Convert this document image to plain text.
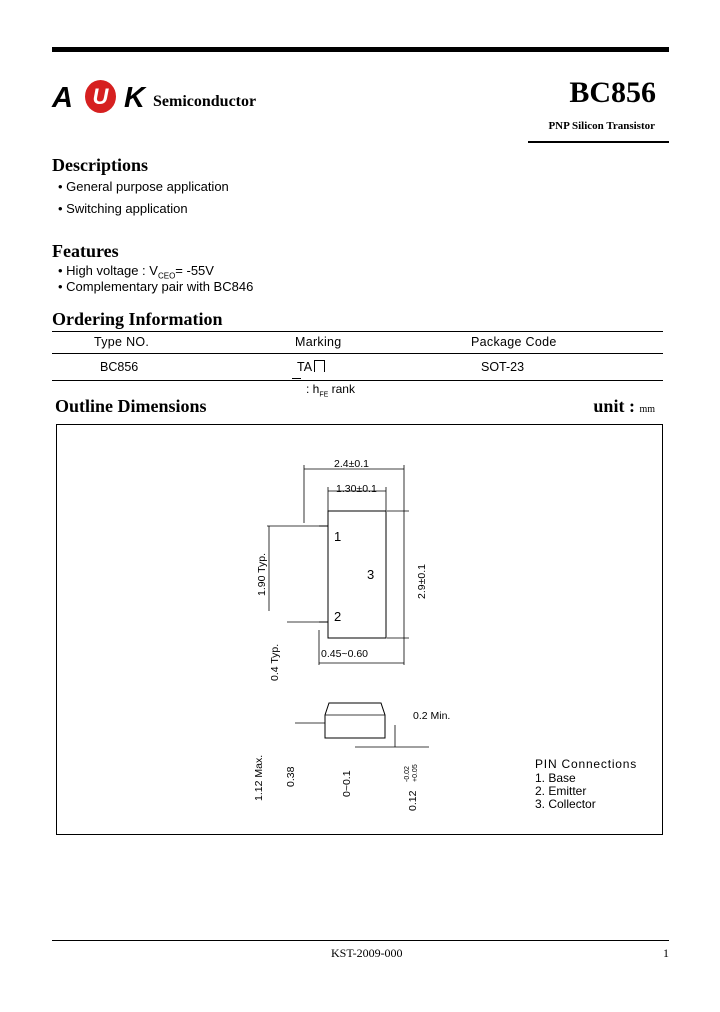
A U K Semiconductor	BC856
PNP Silicon Transistor
Descriptions
• General purpose application
• Switching application
Features
• High voltage : $V_{CEO}= -55V$
• Complementary pair with BC846
Ordering Information
Type NO.	Marking	Package Code
BC856	TA	SOT-23
: $h_{FE}$ rank
Outline Dimensions	unit : mm
1
2
3
2.4±0.1
1.30±0.1
1.90 Typ.	2.9±0.1
0.45~0.60
0.4 Typ.
0.2 Min.
1.12 Max. 0.38	0~0.1
0.12
-0.02 +0.05
PIN Connections
1. Base
2. Emitter
3. Collector
KST-2009-000	1
